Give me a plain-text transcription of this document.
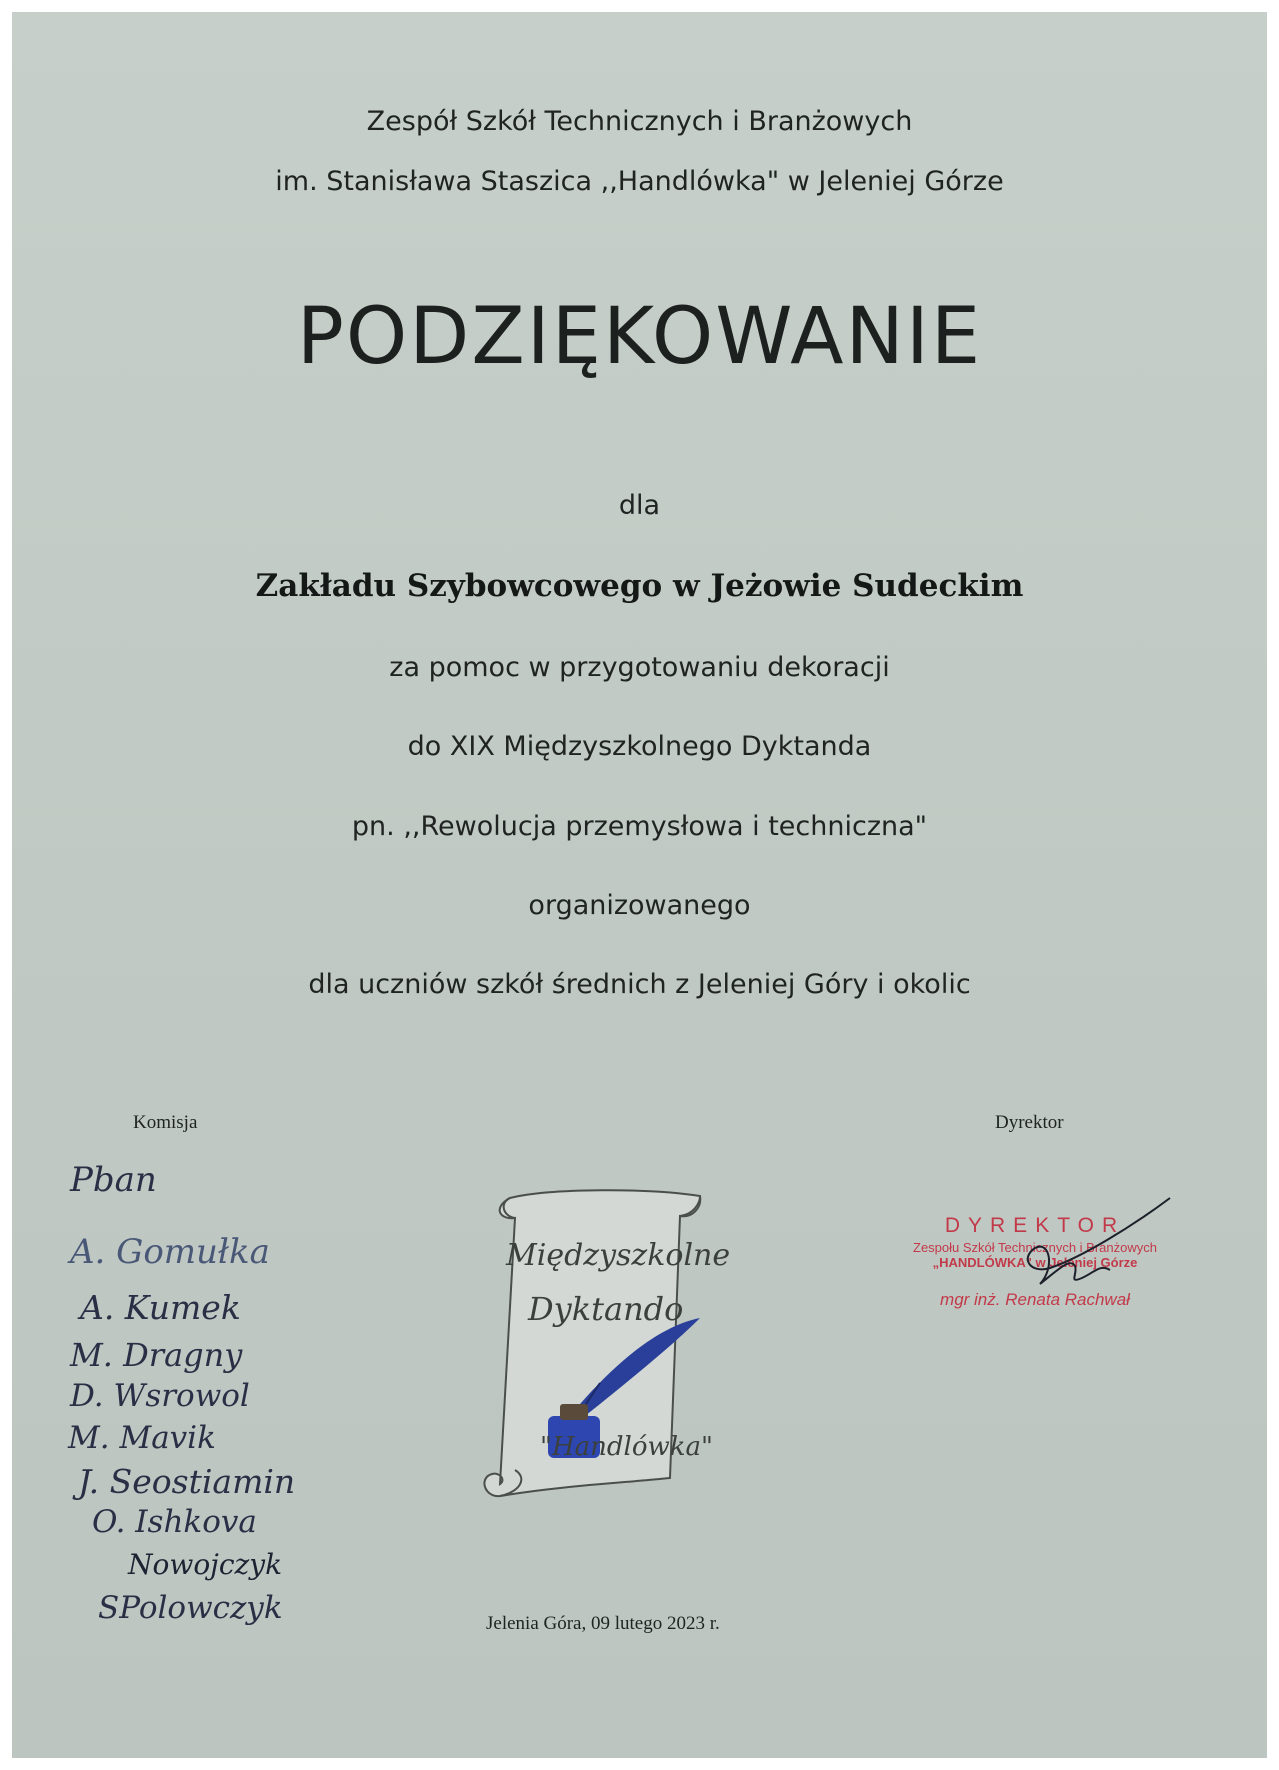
Zespół Szkół Technicznych i Branżowych
im. Stanisława Staszica ,,Handlówka" w Jeleniej Górze
PODZIĘKOWANIE
dla
Zakładu Szybowcowego w Jeżowie Sudeckim
za pomoc w przygotowaniu dekoracji
do XIX Międzyszkolnego Dyktanda
pn. ,,Rewolucja przemysłowa i techniczna"
organizowanego
dla uczniów szkół średnich z Jeleniej Góry i okolic
Komisja
Pban
A. Gomułka
A. Kumek
M. Dragny
D. Wsrowol
M. Mavik
J. Seostiamin
O. Ishkova
Nowojczyk
SPolowczyk
Międzyszkolne
Dyktando
"Handlówka"
Dyrektor
DYREKTOR
Zespołu Szkół Technicznych i Branżowych
„HANDLÓWKA" w Jeleniej Górze
mgr inż. Renata Rachwał
Jelenia Góra, 09 lutego 2023 r.
